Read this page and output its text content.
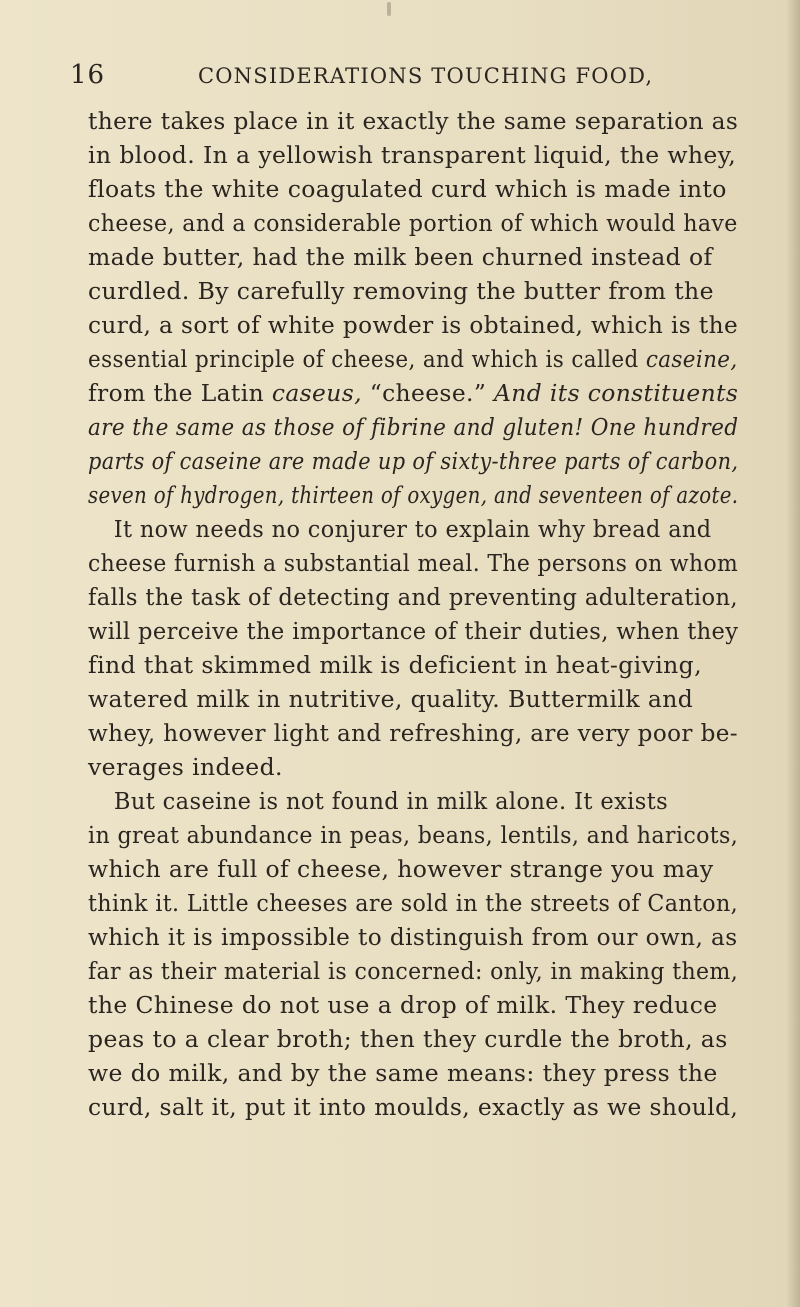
16	CONSIDERATIONS TOUCHING FOOD,

there takes place in it exactly the same separation as
in blood. In a yellowish transparent liquid, the whey,
floats the white coagulated curd which is made into
cheese, and a considerable portion of which would have
made butter, had the milk been churned instead of
curdled. By carefully removing the butter from the
curd, a sort of white powder is obtained, which is the
essential principle of cheese, and which is called caseine,
from the Latin caseus, “cheese.” And its constituents
are the same as those of fibrine and gluten! One hundred
parts of caseine are made up of sixty-three parts of carbon,
seven of hydrogen, thirteen of oxygen, and seventeen of azote.
It now needs no conjurer to explain why bread and
cheese furnish a substantial meal. The persons on whom
falls the task of detecting and preventing adulteration,
will perceive the importance of their duties, when they
find that skimmed milk is deficient in heat-giving,
watered milk in nutritive, quality. Buttermilk and
whey, however light and refreshing, are very poor be-
verages indeed.
But caseine is not found in milk alone. It exists
in great abundance in peas, beans, lentils, and haricots,
which are full of cheese, however strange you may
think it. Little cheeses are sold in the streets of Canton,
which it is impossible to distinguish from our own, as
far as their material is concerned: only, in making them,
the Chinese do not use a drop of milk. They reduce
peas to a clear broth; then they curdle the broth, as
we do milk, and by the same means: they press the
curd, salt it, put it into moulds, exactly as we should,
